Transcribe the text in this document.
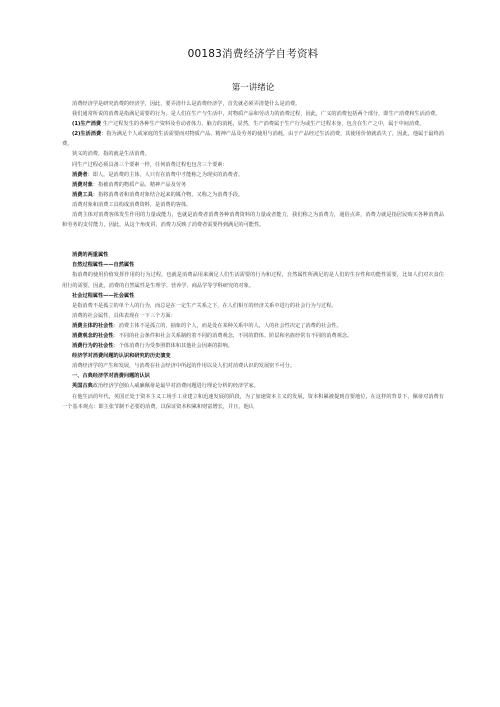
00183消费经济学自考资料
第一讲绪论

消费经济学是研究消费的经济学，因此，要弄清什么是消费经济学，首先就必须弄清楚什么是消费。

我们通常所说的消费是指满足需要的行为，是人们在生产与生活中，对物质产品和劳动力的消费过程，因此，广义的消费包括两个部分，即生产消费和生活消费。

(1)生产消费 生产过程发生的各种生产资料及劳动者体力、脑力的消耗，显然，生产消费属于生产行为或生产过程本身，包含在生产之中，属于中间消费。

(2)生活消费：指为满足个人或家庭的生活需要而对物质产品、精神产品及劳务的使用与消耗，由于产品经过生活消费，其使用价值就消失了，因此，他属于最终消费。

狭义的消费，指的就是生活消费。

同生产过程必须具备三个要素一样，任何消费过程也包含三个要素：

消费者：即人，是消费的主体，人只有在消费中才能称之为现实的消费者。

消费对象：指被消费的物质产品、精神产品及劳务

消费工具：指将消费者和消费对象结合起来的媒介物，又称之为消费手段。

消费对象和消费工具构成消费资料，是消费的客体。

消费主体对消费客体发生作用的力量或能力，也就是消费者消费各种消费资料的力量或者能力，我们称之为消费力，通俗点讲，消费力就是指居民购买各种消费品和劳务的支付能力，因此，从这个角度讲，消费力反映了消费者需要得到满足的可能性。

消费的两重属性

自然过程属性——自然属性

指消费的使用价值发挥作用的行为过程，也就是消费品用来满足人们生活需要的行为和过程，自然属性所满足的是人们的生存性和功能性需要，比如人们对衣食住用行的需要，因此，消费的自然属性是生理学、营养学、商品学等学科研究的对象。

社会过程属性——社会属性

是指消费不是孤立的单个人的行为，而总是在一定生产关系之下，在人们相互的经济关系中进行的社会行为与过程。

消费的社会属性，具体表现在一下三个方面：

消费主体的社会性：消费主体不是孤立的，抽象的个人，而是处在某种关系中的人，人的社会性决定了消费的社会性。

消费观念的社会性：不同的社会条件和社会关系制约着不同的消费观念，不同的群体、阶层和名族经常有不同的消费观念。

消费行为的社会性：个体消费行为受参照群体和其他社会因素的影响。

经济学对消费问题的认识和研究的历史演变

消费经济学的产生和发展，与消费在社会经济中所起的作用以及人们对消费认识的发展密不可分。

一、古典经济学对消费问题的认识

英国古典政治经济学创始人威廉佩蒂是最早对消费问题进行理论分析的经济学家。

在他生活的年代，英国正处于资本主义工场手工业建立和迅速发展的阶段，为了加速资本主义的发展，资本积累被提到首要地位，在这样的背景下，佩蒂对消费有一个基本观点：即主张节制不必要的消费，以保证资本积累和财富增长，并且，他认
